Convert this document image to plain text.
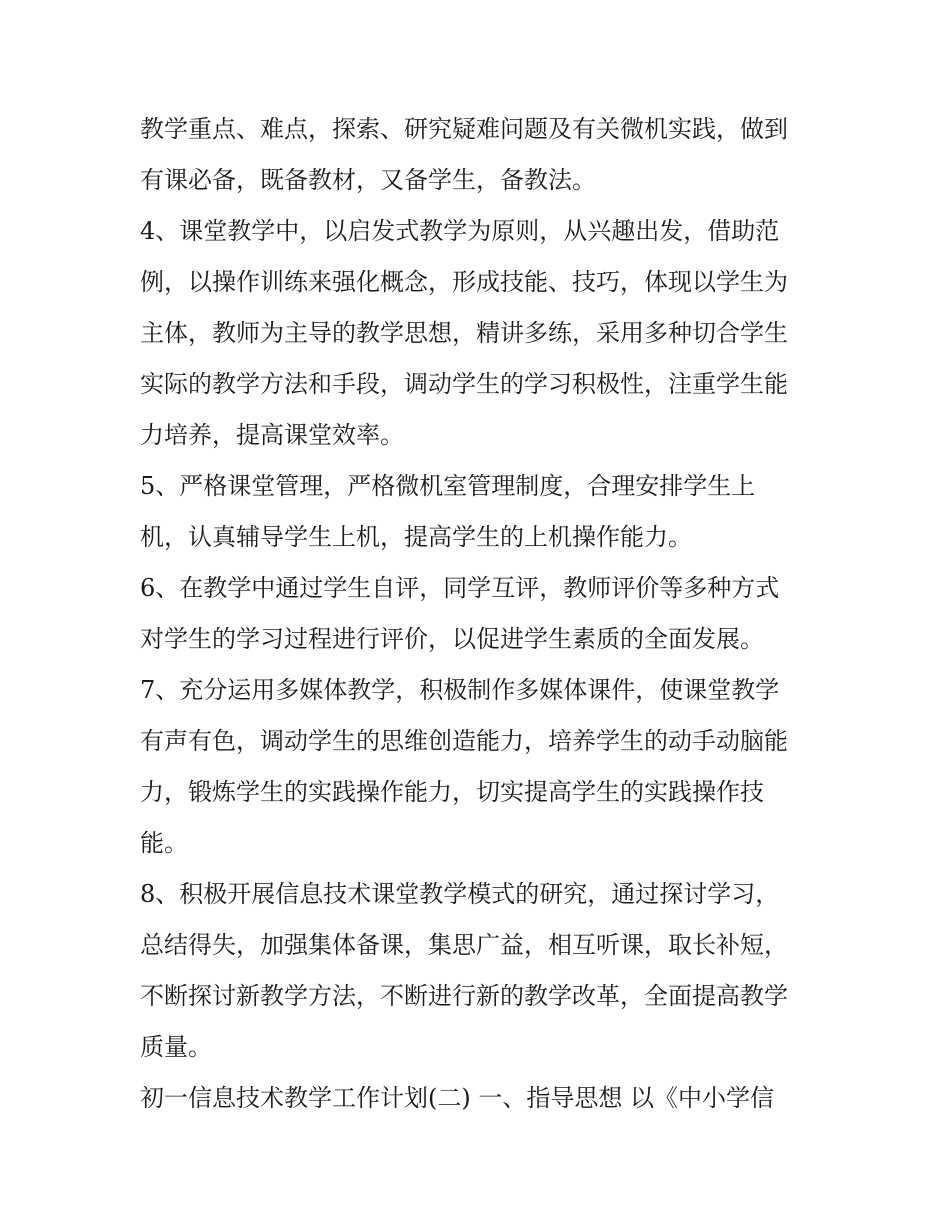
教学重点、难点，探索、研究疑难问题及有关微机实践，做到
有课必备，既备教材，又备学生，备教法。

4、课堂教学中，以启发式教学为原则，从兴趣出发，借助范
例，以操作训练来强化概念，形成技能、技巧，体现以学生为
主体，教师为主导的教学思想，精讲多练，采用多种切合学生
实际的教学方法和手段，调动学生的学习积极性，注重学生能
力培养，提高课堂效率。

5、严格课堂管理，严格微机室管理制度，合理安排学生上
机，认真辅导学生上机，提高学生的上机操作能力。

6、在教学中通过学生自评，同学互评，教师评价等多种方式
对学生的学习过程进行评价，以促进学生素质的全面发展。

7、充分运用多媒体教学，积极制作多媒体课件，使课堂教学
有声有色，调动学生的思维创造能力，培养学生的动手动脑能
力，锻炼学生的实践操作能力，切实提高学生的实践操作技
能。

8、积极开展信息技术课堂教学模式的研究，通过探讨学习，
总结得失，加强集体备课，集思广益，相互听课，取长补短，
不断探讨新教学方法，不断进行新的教学改革，全面提高教学
质量。

初一信息技术教学工作计划(二) 一、指导思想 以《中小学信
